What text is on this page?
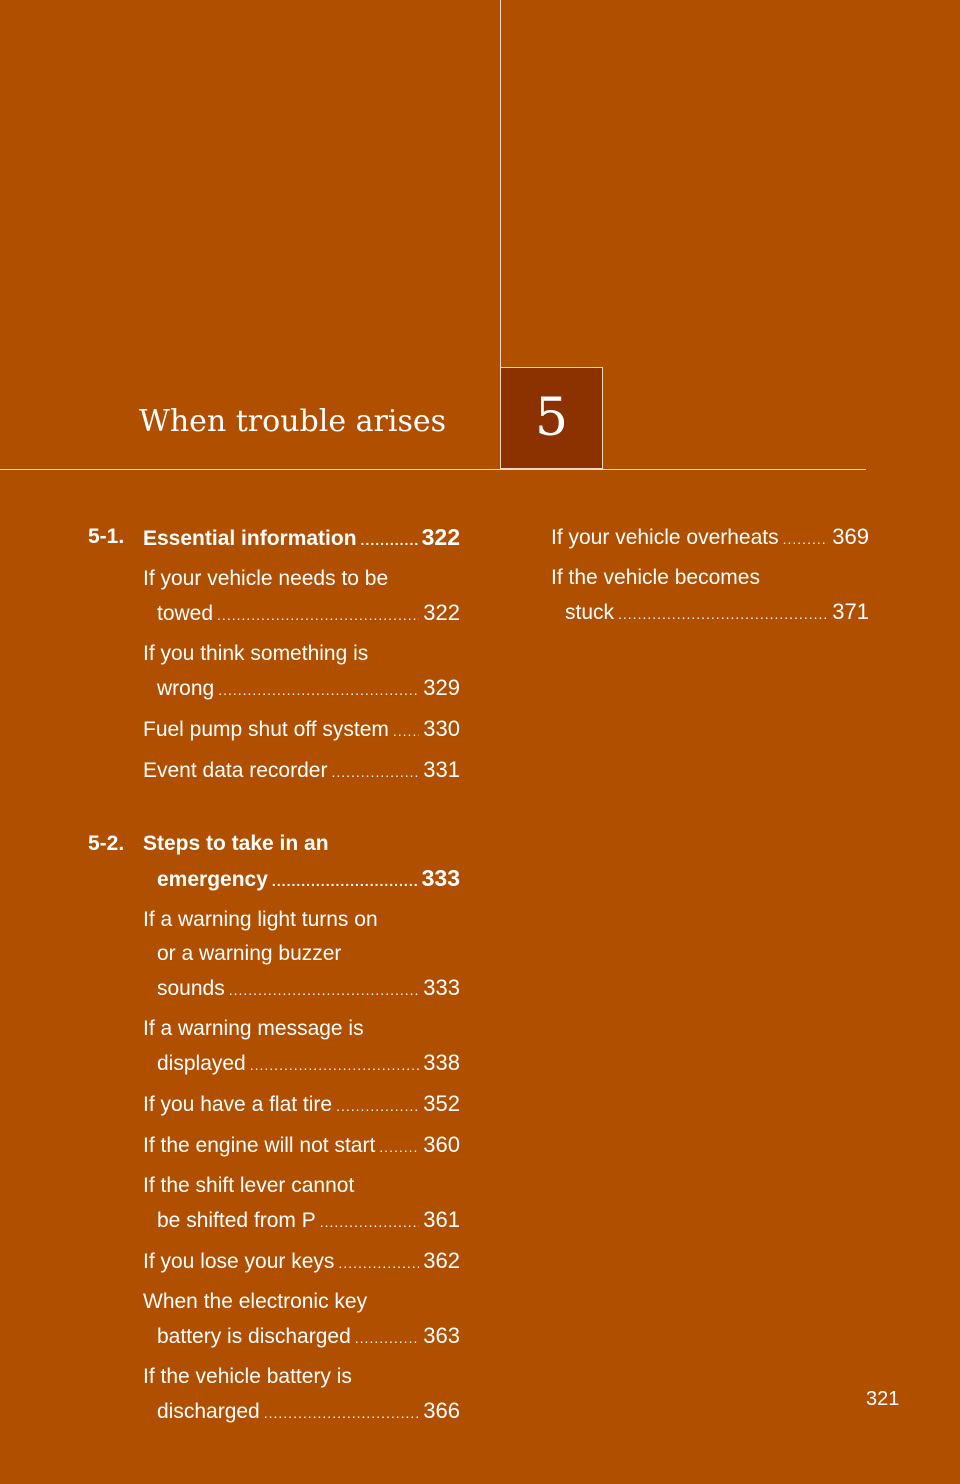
When trouble arises 5
5-1. Essential information .....	322
If your vehicle needs to be
towed .....	322
If you think something is
wrong .....	329
Fuel pump shut off system ..... 330
Event data recorder .....	331
5-2. Steps to take in an
emergency .....	333
If a warning light turns on
or a warning buzzer
sounds .....	333
If a warning message is
displayed .....	338
If you have a flat tire .....	352
If the engine will not start ..... 360
If the shift lever cannot
be shifted from P .....	361
If you lose your keys .....	362
When the electronic key
battery is discharged .....	363
If the vehicle battery is
discharged .....	366
If your vehicle overheats ..... 369
If the vehicle becomes
stuck .....	371
321
